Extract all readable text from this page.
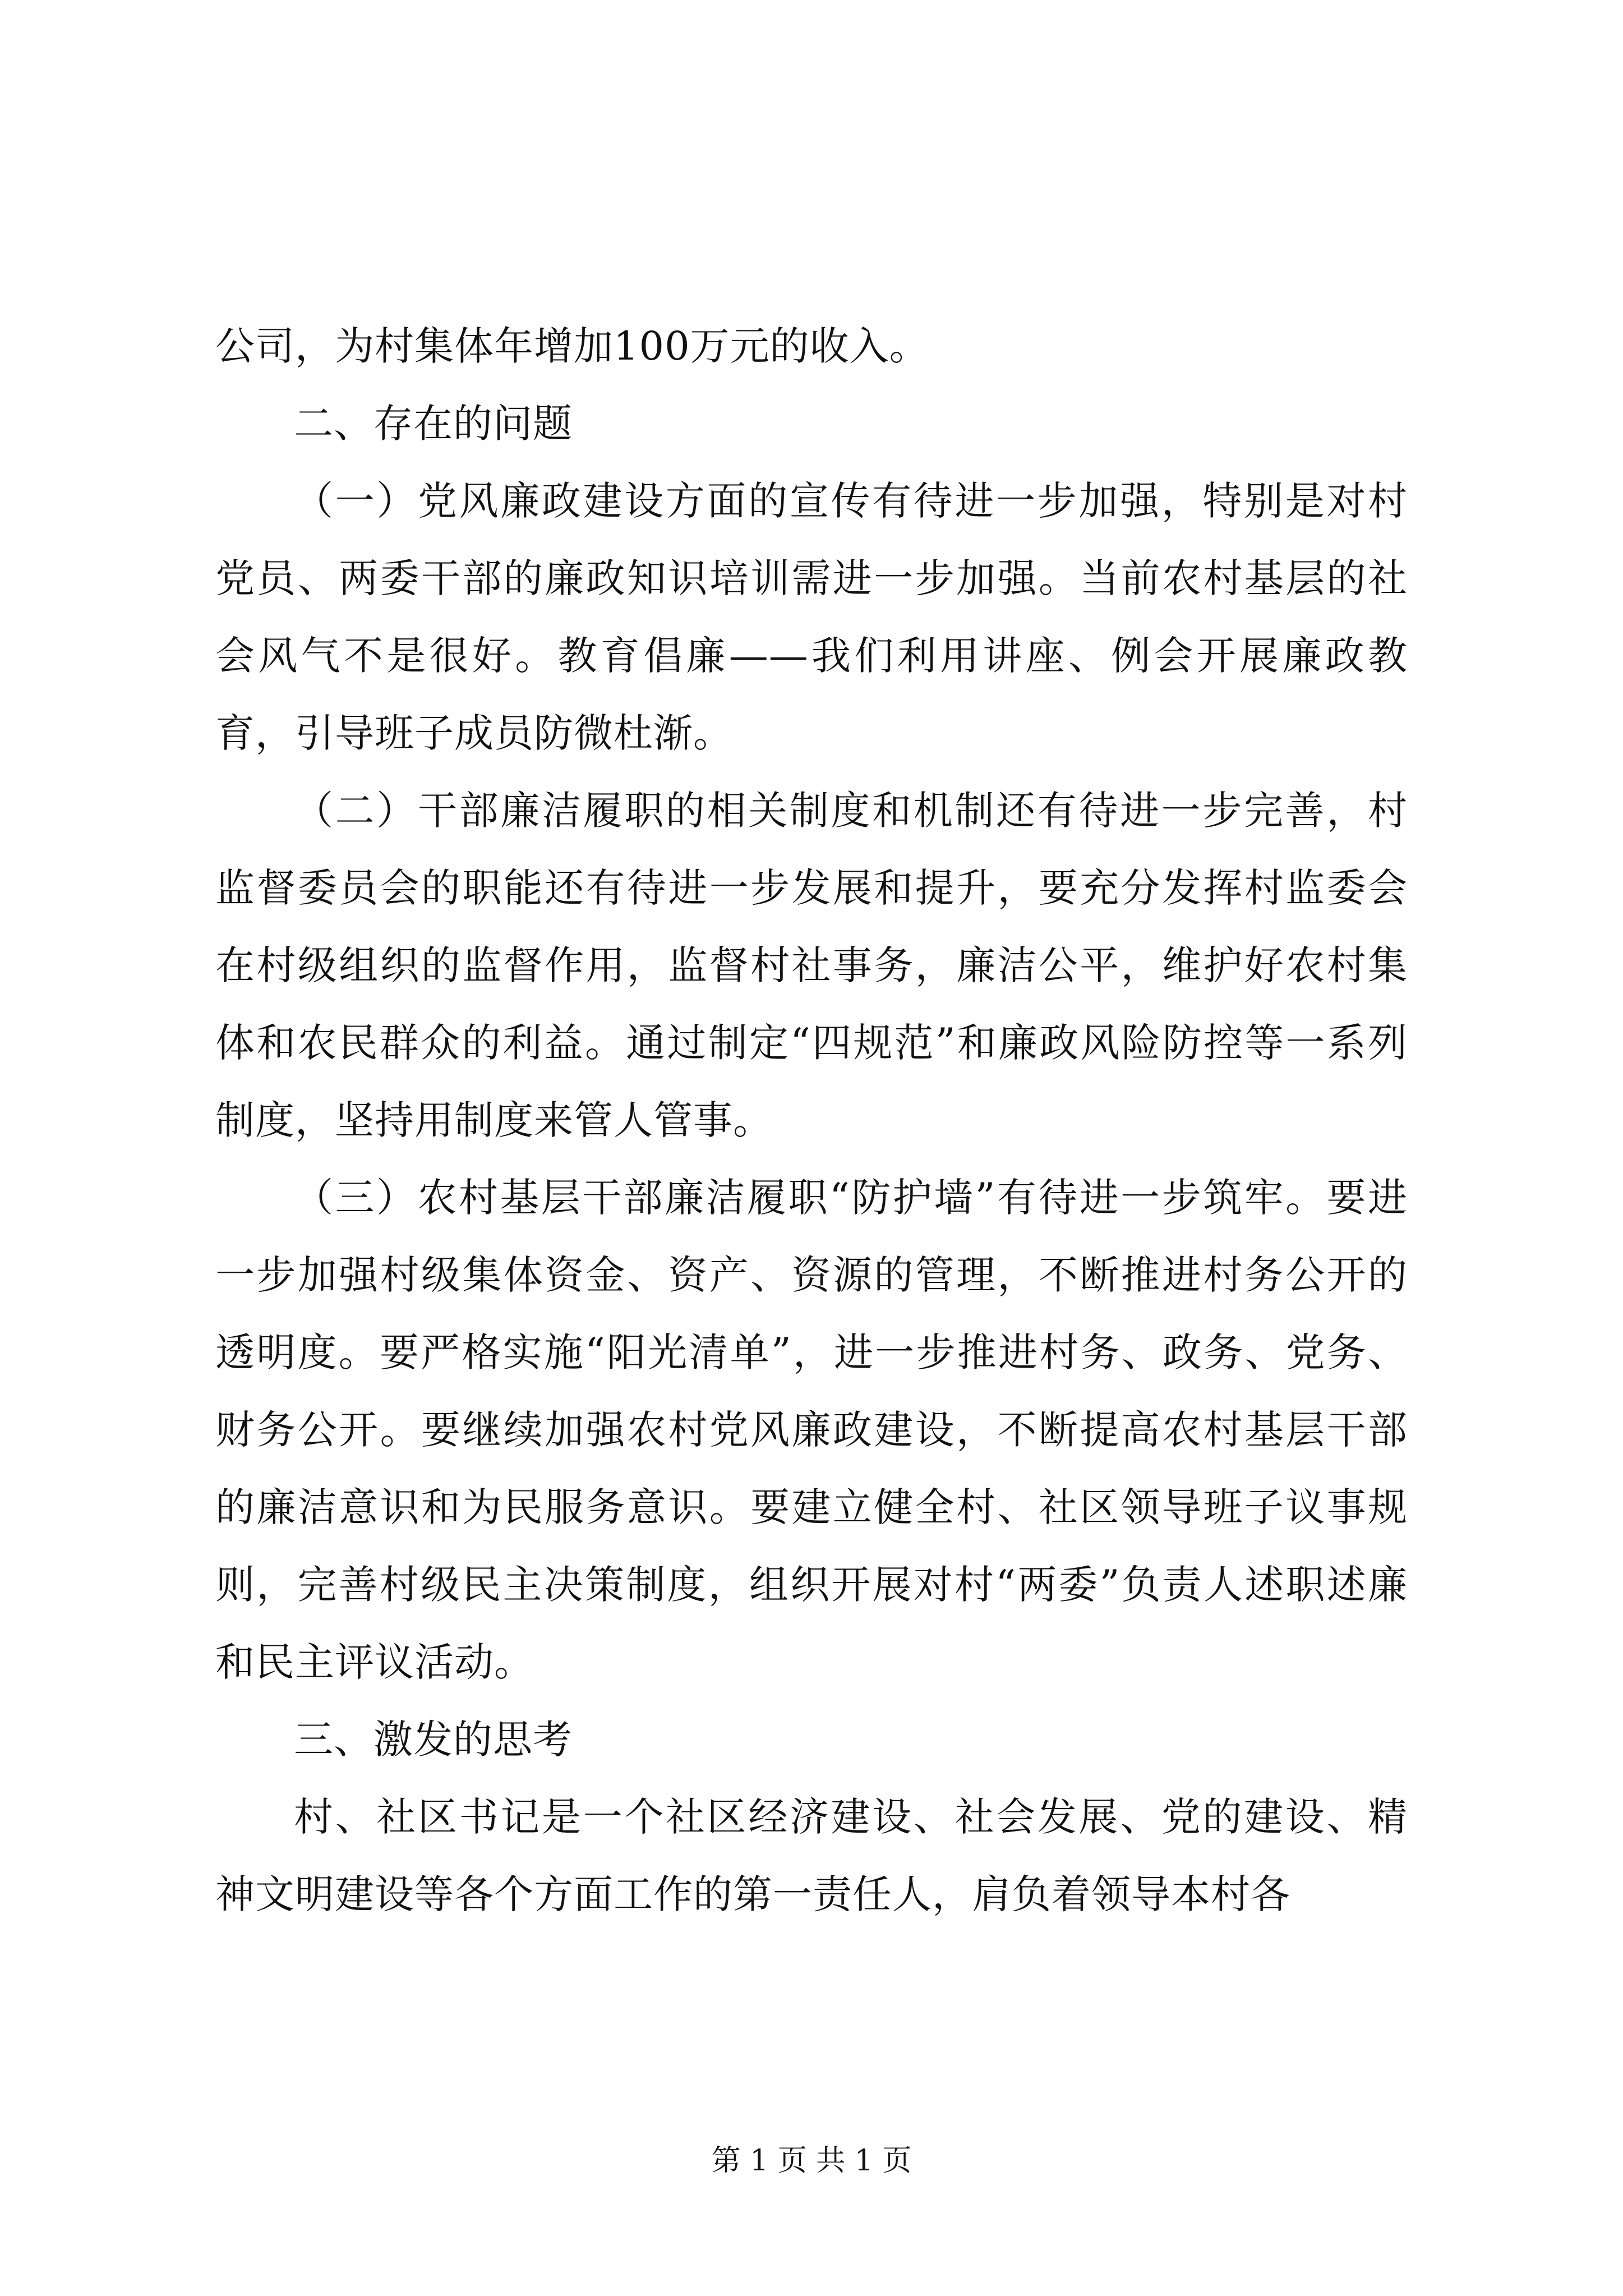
公司，为村集体年增加100万元的收入。

二、存在的问题

（一）党风廉政建设方面的宣传有待进一步加强，特别是对村党员、两委干部的廉政知识培训需进一步加强。当前农村基层的社会风气不是很好。教育倡廉——我们利用讲座、例会开展廉政教育，引导班子成员防微杜渐。

（二）干部廉洁履职的相关制度和机制还有待进一步完善，村监督委员会的职能还有待进一步发展和提升，要充分发挥村监委会在村级组织的监督作用，监督村社事务，廉洁公平，维护好农村集体和农民群众的利益。通过制定“四规范”和廉政风险防控等一系列制度，坚持用制度来管人管事。

（三）农村基层干部廉洁履职“防护墙”有待进一步筑牢。要进一步加强村级集体资金、资产、资源的管理，不断推进村务公开的透明度。要严格实施“阳光清单”，进一步推进村务、政务、党务、财务公开。要继续加强农村党风廉政建设，不断提高农村基层干部的廉洁意识和为民服务意识。要建立健全村、社区领导班子议事规则，完善村级民主决策制度，组织开展对村“两委”负责人述职述廉和民主评议活动。

三、激发的思考

村、社区书记是一个社区经济建设、社会发展、党的建设、精神文明建设等各个方面工作的第一责任人，肩负着领导本村各

第 1 页 共 1 页
